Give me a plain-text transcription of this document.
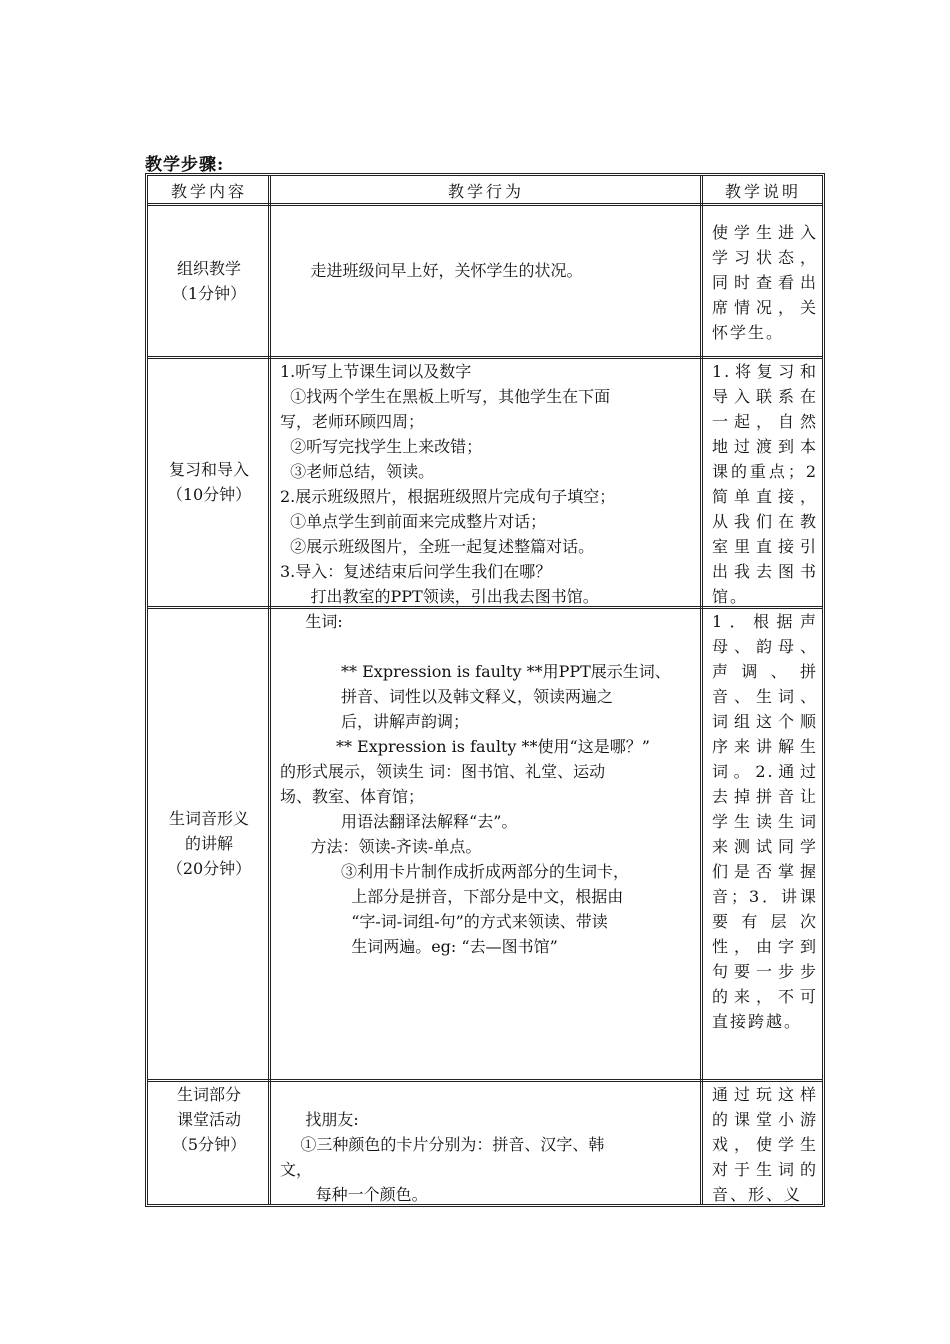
教学步骤:
教学内容	教学行为	教学说明
组织教学
（1分钟）
走进班级问早上好，关怀学生的状况。
使学生进入学习状态，同时查看出席情况，关怀学生。
复习和导入
（10分钟）
1.听写上节课生词以及数字
①找两个学生在黑板上听写，其他学生在下面
写，老师环顾四周；
②听写完找学生上来改错；
③老师总结，领读。
2.展示班级照片，根据班级照片完成句子填空；
①单点学生到前面来完成整片对话；
②展示班级图片，全班一起复述整篇对话。
3.导入：复述结束后问学生我们在哪？
打出教室的PPT领读，引出我去图书馆。
1.将复习和导入联系在一起，自然地过渡到本课的重点；2 简单直接，从我们在教室里直接引出我去图书馆。
生词音形义
的讲解
（20分钟）
生词:
** Expression is faulty **用PPT展示生词、
拼音、词性以及韩文释义，领读两遍之
后，讲解声韵调；
** Expression is faulty **使用“这是哪？”
的形式展示，领读生 词：图书馆、礼堂、运动
场、教室、体育馆；
用语法翻译法解释“去”。
方法：领读-齐读-单点。
③利用卡片制作成折成两部分的生词卡，
上部分是拼音，下部分是中文，根据由
“字-词-词组-句”的方式来领读、带读
生词两遍。eg: “去—图书馆”
1．根据声母、韵母、声调、拼音、生词、词组这个顺序来讲解生词。2.通过去掉拼音让学生读生词来测试同学们是否掌握音；3．讲课要有层次性，由字到句要一步步的来，不可直接跨越。
生词部分
课堂活动
（5分钟）
找朋友:
①三种颜色的卡片分别为：拼音、汉字、韩
文，
每种一个颜色。
通过玩这样的课堂小游戏，使学生对于生词的音、形、义
